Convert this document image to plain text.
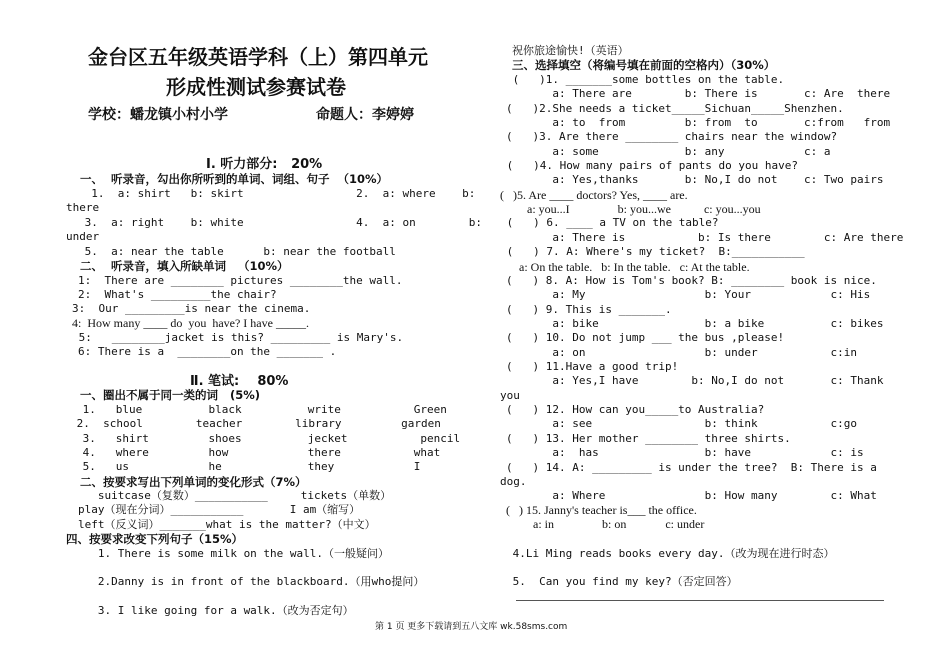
金台区五年级英语学科（上）第四单元
形成性测试参赛试卷
学校：蟠龙镇小村小学	命题人：李婷婷
Ⅰ. 听力部分:   20%
一、  听录音，勾出你所听到的单词、词组、句子  （10%）
1.  a: shirt   b: skirt                 2.  a: where    b:
there
3.  a: right    b: white                 4.  a: on        b:
under
5.  a: near the table      b: near the football
二、  听录音，填入所缺单词   （10%）
1:  There are ________ pictures ________the wall.
2:  What's _________the chair?
3:  Our _________is near the cinema.
4:  How many ____ do  you  have? I have _____.
5:   ________jacket is this? _________ is Mary's.
6: There is a  ________on the _______ .
Ⅱ. 笔试:    80%
一、圈出不属于同一类的词   (5%)
1.   blue          black          write           Green
2.  school        teacher        library         garden
3.   shirt         shoes          jecket           pencil
4.   where         how            there           what
5.   us            he             they            I
二、按要求写出下列单词的变化形式（7%）
suitcase（复数）___________     tickets（单数）
play（现在分词）___________       I am（缩写）
left（反义词）_______what is the matter?（中文）
四、按要求改变下列句子（15%）
1. There is some milk on the wall.（一般疑问）
2.Danny is in front of the blackboard.（用who提问）
3. I like going for a walk.（改为否定句）
祝你旅途愉快!（英语）
三、选择填空（将编号填在前面的空格内）（30%）
(   )1. _______some bottles on the table.
a: There are        b: There is       c: Are  there
(   )2.She needs a ticket_____Sichuan_____Shenzhen.
a: to  from         b: from  to       c:from   from
(   )3. Are there ________ chairs near the window?
a: some             b: any            c: a
(   )4. How many pairs of pants do you have?
a: Yes,thanks       b: No,I do not    c: Two pairs
(   )5. Are ____ doctors? Yes, ____ are.
a: you...I                b: you...we           c: you...you
(   ) 6. ____ a TV on the table?
a: There is           b: Is there        c: Are there
(   ) 7. A: Where's my ticket?  B:___________
a: On the table.   b: In the table.   c: At the table.
(   ) 8. A: How is Tom's book? B: ________ book is nice.
a: My                  b: Your            c: His
(   ) 9. This is _______.
a: bike                b: a bike          c: bikes
(   ) 10. Do not jump ___ the bus ,please!
a: on                  b: under           c:in
(   ) 11.Have a good trip!
a: Yes,I have        b: No,I do not       c: Thank
you
(   ) 12. How can you_____to Australia?
a: see                 b: think           c:go
(   ) 13. Her mother ________ three shirts.
a:  has                b: have            c: is
(   ) 14. A: _________ is under the tree?  B: There is a
dog.
a: Where               b: How many        c: What
(   ) 15. Janny's teacher is___ the office.
a: in                b: on             c: under
4.Li Ming reads books every day.（改为现在进行时态）
5.  Can you find my key?（否定回答）
第 1 页 更多下载请到五八文库 wk.58sms.com
